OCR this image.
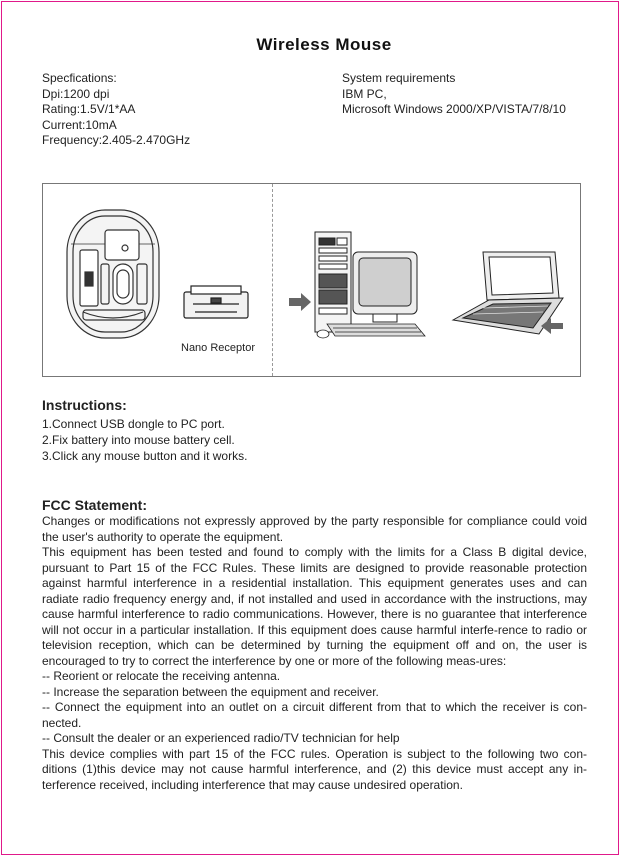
Wireless Mouse
Specfications:
Dpi:1200 dpi
Rating:1.5V/1*AA
Current:10mA
Frequency:2.405-2.470GHz
System requirements
IBM PC,
Microsoft Windows 2000/XP/VISTA/7/8/10
Nano Receptor
Instructions:
1.Connect USB dongle to PC port.
2.Fix battery into mouse battery cell.
3.Click any mouse button and it works.
FCC Statement:

Changes or modifications not expressly approved by the party responsible for compliance could void the user's authority to operate the equipment.

This equipment has been tested and found to comply with the limits for a Class B digital device, pursuant to Part 15 of the FCC Rules. These limits are designed to provide reasonable protection against harmful interference in a residential installation. This equipment generates uses and can radiate radio frequency energy and, if not installed and used in accordance with the instructions, may cause harmful interference to radio communications. However, there is no guarantee that interference will not occur in a particular installation. If this equipment does cause harmful interfe-rence to radio or television reception, which can be determined by turning the equipment off and on, the user is encouraged to try to correct the interference by one or more of the following meas-ures:

-- Reorient or relocate the receiving antenna.

-- Increase the separation between the equipment and receiver.

-- Connect the equipment into an outlet on a circuit different from that to which the receiver is con-nected.

-- Consult the dealer or an experienced radio/TV technician for help

This device complies with part 15 of the FCC rules. Operation is subject to the following two con-ditions (1)this device may not cause harmful interference, and (2) this device must accept any in-terference received, including interference that may cause undesired operation.
